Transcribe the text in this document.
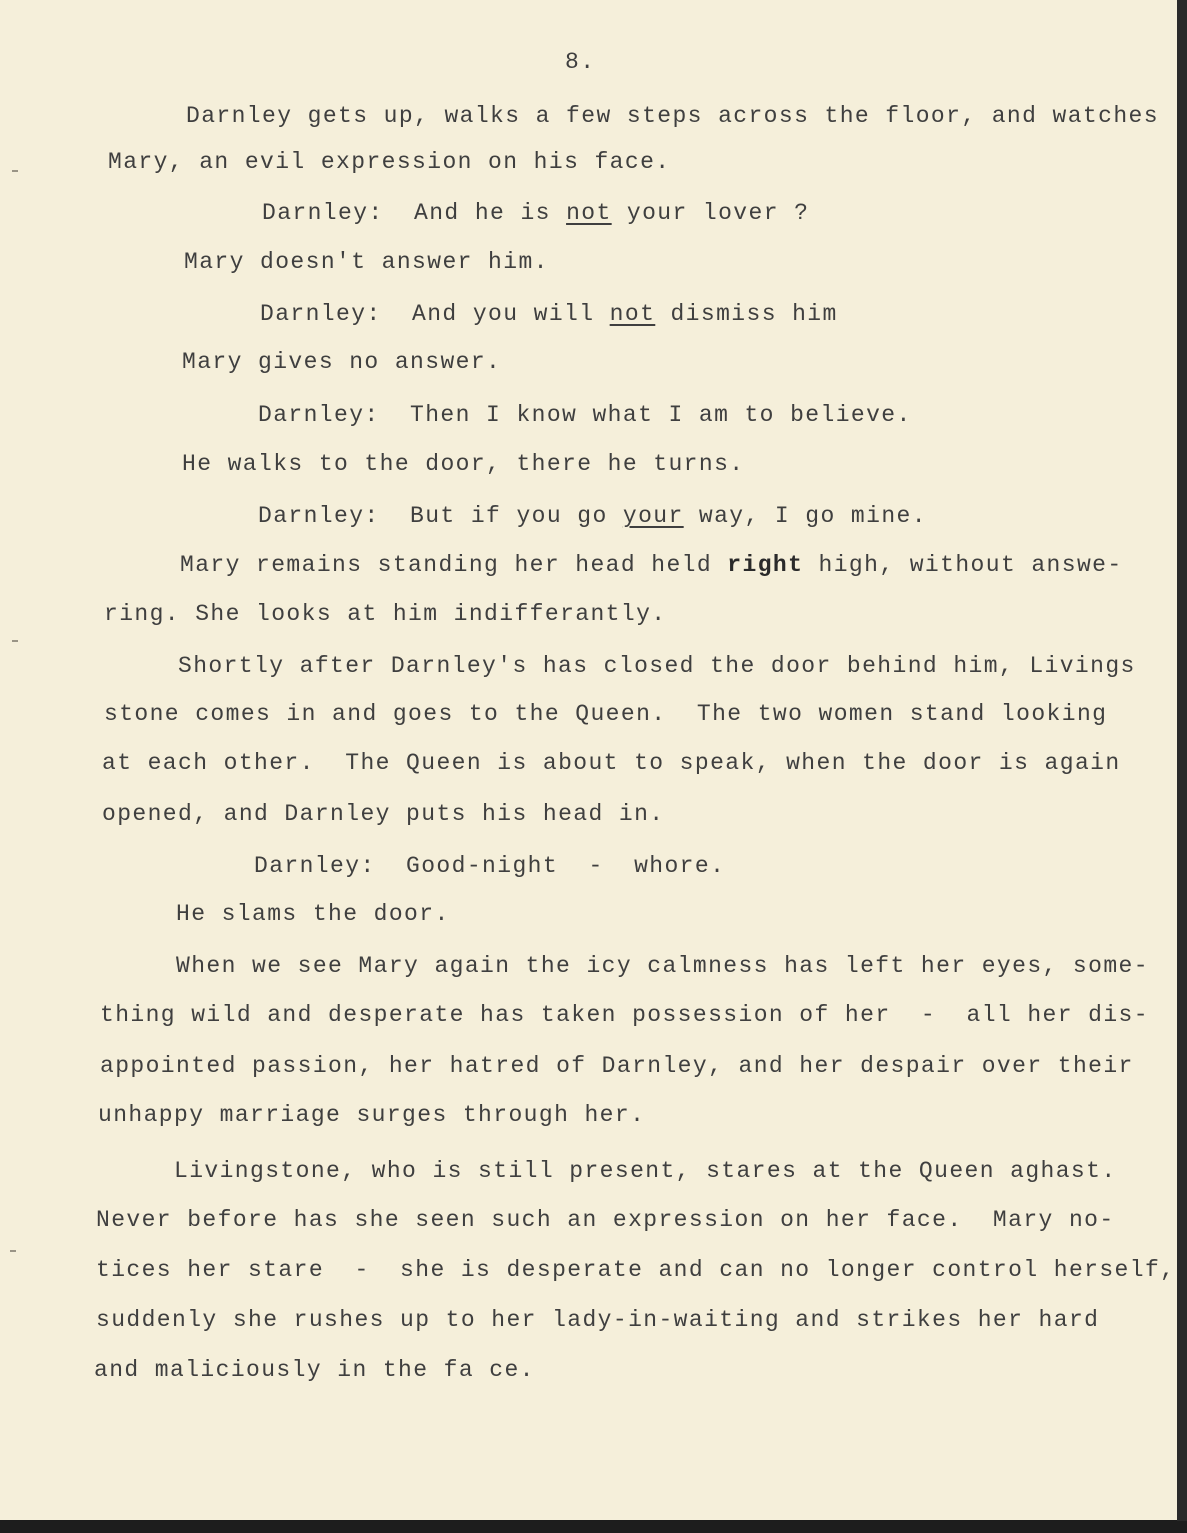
8.
Darnley gets up, walks a few steps across the floor, and watches
Mary, an evil expression on his face.
Darnley: And he is not your lover ?
Mary doesn't answer him.
Darnley: And you will not dismiss him
Mary gives no answer.
Darnley: Then I know what I am to believe.
He walks to the door, there he turns.
Darnley: But if you go your way, I go mine.
Mary remains standing her head held right high, without answe-
ring. She looks at him indifferantly.
Shortly after Darnley's has closed the door behind him, Livings
stone comes in and goes to the Queen.  The two women stand looking
at each other.  The Queen is about to speak, when the door is again
opened, and Darnley puts his head in.
Darnley: Good-night  -  whore.
He slams the door.
When we see Mary again the icy calmness has left her eyes, some-
thing wild and desperate has taken possession of her  -  all her dis-
appointed passion, her hatred of Darnley, and her despair over their
unhappy marriage surges through her.
Livingstone, who is still present, stares at the Queen aghast.
Never before has she seen such an expression on her face.  Mary no-
tices her stare  -  she is desperate and can no longer control herself,
suddenly she rushes up to her lady-in-waiting and strikes her hard
and maliciously in the fa ce.
